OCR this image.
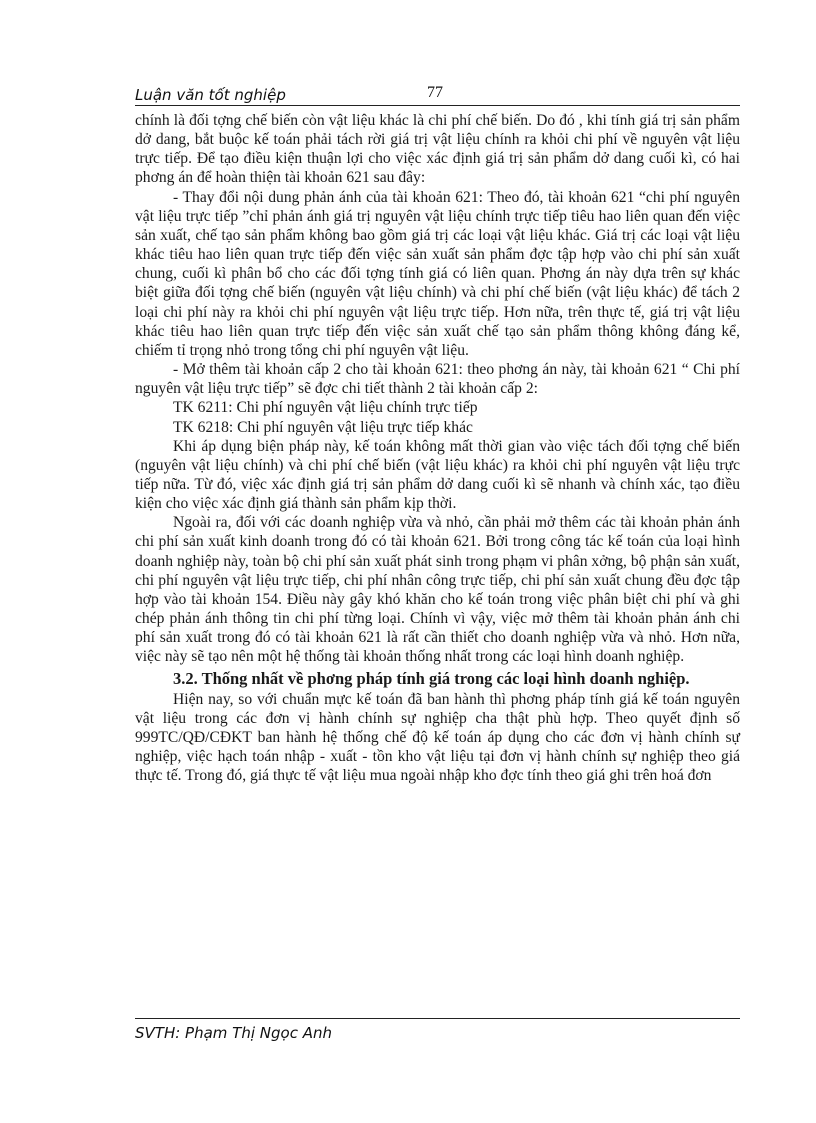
Luận văn tốt nghiệp	77

chính là đối tợng chế biến còn vật liệu khác là chi phí chế biến. Do đó , khi tính giá trị sản phẩm dở dang, bắt buộc kế toán phải tách rời giá trị vật liệu chính ra khỏi chi phí về nguyên vật liệu trực tiếp. Để tạo điều kiện thuận lợi cho việc xác định giá trị sản phẩm dở dang cuối kì, có hai phơng án để hoàn thiện tài khoản 621 sau đây:

- Thay đổi nội dung phản ánh của tài khoản 621: Theo đó, tài khoản 621 “chi phí nguyên vật liệu trực tiếp ”chỉ phản ánh giá trị nguyên vật liệu chính trực tiếp tiêu hao liên quan đến việc sản xuất, chế tạo sản phẩm không bao gồm giá trị các loại vật liệu khác. Giá trị các loại vật liệu khác tiêu hao liên quan trực tiếp đến việc sản xuất sản phẩm đợc tập hợp vào chi phí sản xuất chung, cuối kì phân bổ cho các đối tợng tính giá có liên quan. Phơng án này dựa trên sự khác biệt giữa đối tợng chế biến (nguyên vật liệu chính) và chi phí chế biến (vật liệu khác) để tách 2 loại chi phí này ra khỏi chi phí nguyên vật liệu trực tiếp. Hơn nữa, trên thực tế, giá trị vật liệu khác tiêu hao liên quan trực tiếp đến việc sản xuất chế tạo sản phẩm thông không đáng kể, chiếm tỉ trọng nhỏ trong tổng chi phí nguyên vật liệu.

- Mở thêm tài khoản cấp 2 cho tài khoản 621: theo phơng án này, tài khoản 621 “ Chi phí nguyên vật liệu trực tiếp” sẽ đợc chi tiết thành 2 tài khoản cấp 2:

TK 6211: Chi phí nguyên vật liệu chính trực tiếp

TK 6218: Chi phí nguyên vật liệu trực tiếp khác

Khi áp dụng biện pháp này, kế toán không mất thời gian vào việc tách đối tợng chế biến (nguyên vật liệu chính) và chi phí chế biến (vật liệu khác) ra khỏi chi phí nguyên vật liệu trực tiếp nữa. Từ đó, việc xác định giá trị sản phẩm dở dang cuối kì sẽ nhanh và chính xác, tạo điều kiện cho việc xác định giá thành sản phẩm kịp thời.

Ngoài ra, đối với các doanh nghiệp vừa và nhỏ, cần phải mở thêm các tài khoản phản ánh chi phí sản xuất kinh doanh trong đó có tài khoản 621. Bởi trong công tác kế toán của loại hình doanh nghiệp này, toàn bộ chi phí sản xuất phát sinh trong phạm vi phân xởng, bộ phận sản xuất, chi phí nguyên vật liệu trực tiếp, chi phí nhân công trực tiếp, chi phí sản xuất chung đều đợc tập hợp vào tài khoản 154. Điều này gây khó khăn cho kế toán trong việc phân biệt chi phí và ghi chép phản ánh thông tin chi phí từng loại. Chính vì vậy, việc mở thêm tài khoản phản ánh chi phí sản xuất trong đó có tài khoản 621 là rất cần thiết cho doanh nghiệp vừa và nhỏ. Hơn nữa, việc này sẽ tạo nên một hệ thống tài khoản thống nhất trong các loại hình doanh nghiệp.

3.2. Thống nhất về phơng pháp tính giá trong các loại hình doanh nghiệp.

Hiện nay, so với chuẩn mực kế toán đã ban hành thì phơng pháp tính giá kế toán nguyên vật liệu trong các đơn vị hành chính sự nghiệp cha thật phù hợp. Theo quyết định số 999TC/QĐ/CĐKT ban hành hệ thống chế độ kế toán áp dụng cho các đơn vị hành chính sự nghiệp, việc hạch toán nhập - xuất - tồn kho vật liệu tại đơn vị hành chính sự nghiệp theo giá thực tế. Trong đó, giá thực tế vật liệu mua ngoài nhập kho đợc tính theo giá ghi trên hoá đơn

SVTH: Phạm Thị Ngọc Anh
